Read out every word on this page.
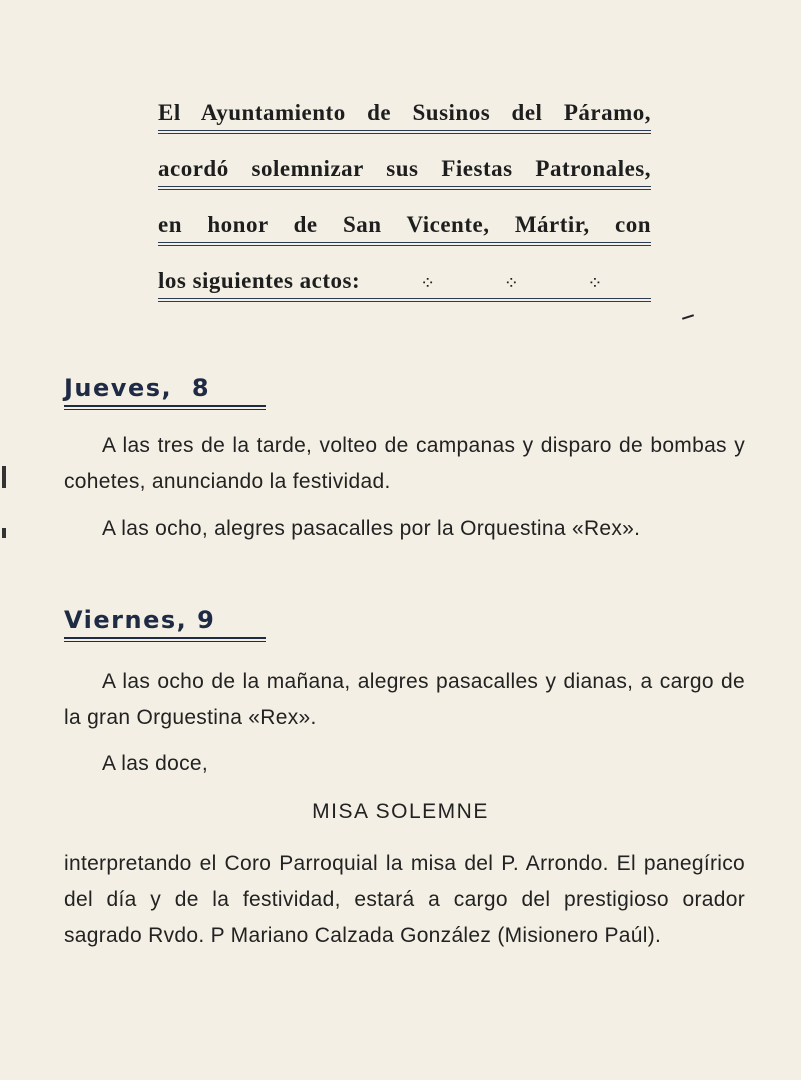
El Ayuntamiento de Susinos del Páramo,
acordó solemnizar sus Fiestas Patronales,
en honor de San Vicente, Mártir, con
los siguientes actos:	⁘	⁘	⁘
Jueves,  8
A las tres de la tarde, volteo de campanas y disparo de bombas y cohetes, anunciando la festividad.
A las ocho, alegres pasacalles por la Orquestina «Rex».
Viernes, 9
A las ocho de la mañana, alegres pasacalles y dianas, a cargo de la gran Orguestina «Rex».
A las doce,
MISA SOLEMNE
interpretando el Coro Parroquial la misa del P. Arrondo. El panegírico del día y de la festividad, estará a cargo del prestigioso orador sagrado Rvdo. P Mariano Calzada González (Misionero Paúl).
